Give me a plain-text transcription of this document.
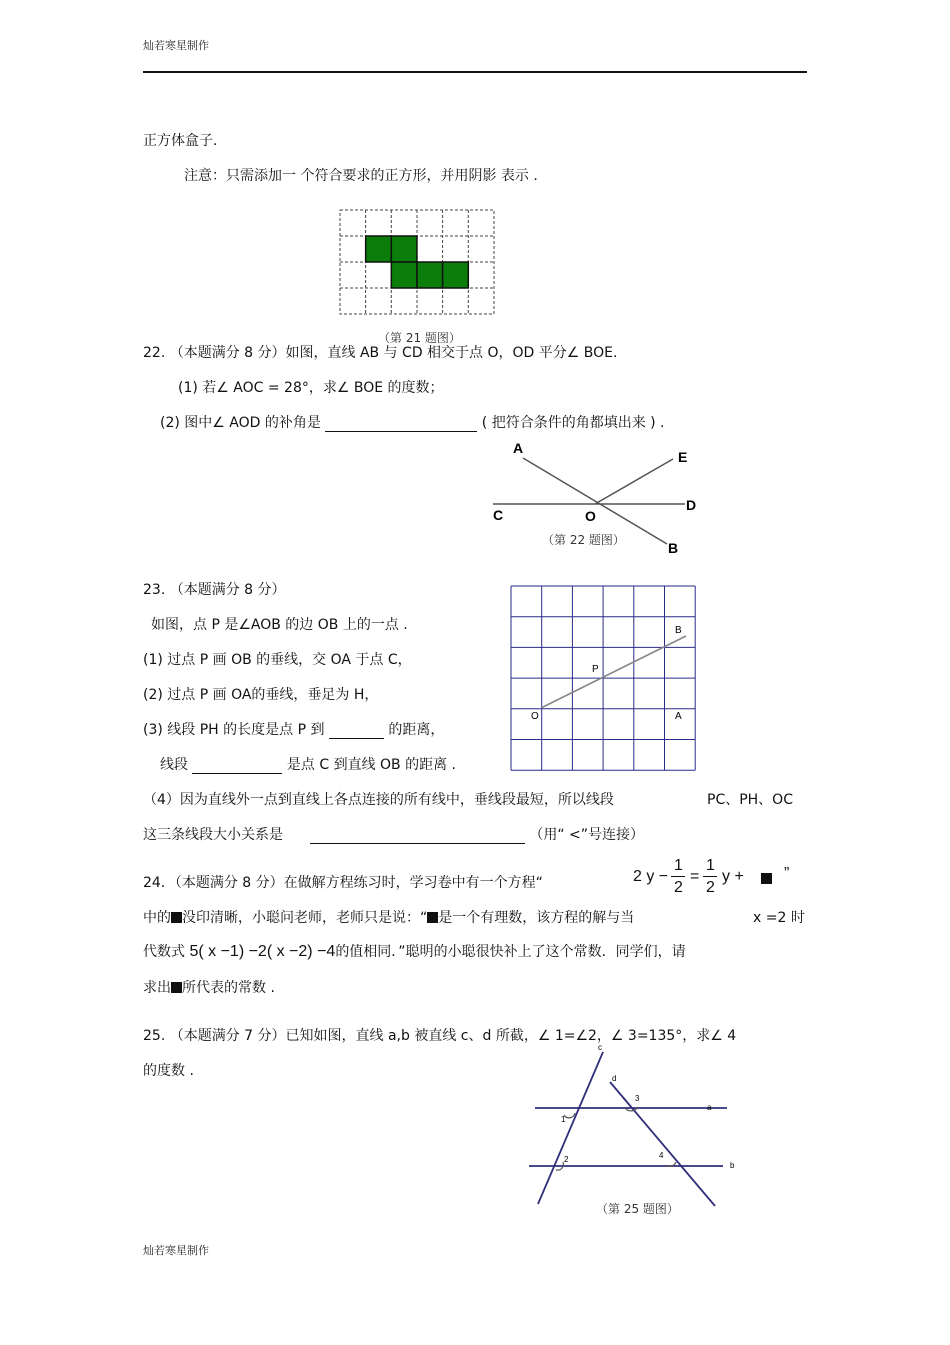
灿若寒星制作
灿若寒星制作
正方体盒子.
注意：只需添加一 个符合要求的正方形，并用阴影 表示 .
（第 21 题图）
22. （本题满分 8 分）如图，直线 AB 与 CD 相交于点 O，OD 平分∠ BOE.
(1) 若∠ AOC = 28°，求∠ BOE 的度数；
(2) 图中∠ AOD 的补角是	( 把符合条件的角都填出来 ) .
A
E
C	O
D
B
（第 22 题图）
23. （本题满分 8 分）
如图，点 P 是∠AOB 的边 OB 上的一点 .
(1) 过点 P 画 OB 的垂线，交 OA 于点 C，
(2) 过点 P 画 OA的垂线，垂足为 H，
(3) 线段 PH 的长度是点 P 到	的距离，
线段	是点 C 到直线 OB 的距离 .
（4）因为直线外一点到直线上各点连接的所有线中，垂线段最短，所以线段	PC、PH、OC
这三条线段大小关系是	（用“ <”号连接）
B
P
O	A
24．（本题满分 8 分）在做解方程练习时，学习卷中有一个方程“	2 y −
1
2
=
1
2
y +	”
中的 没印清晰，小聪问老师，老师只是说：“ 是一个有理数，该方程的解与当	x =2 时
代数式 5( x −1) −2( x −2) −4的值相同．”聪明的小聪很快补上了这个常数．同学们，请
求出 所代表的常数 .
25. （本题满分 7 分）已知如图，直线 a,b 被直线 c、d 所截，∠ 1=∠2，∠ 3=135°，求∠ 4
的度数 .
c
d
a
b
1
2
3
4
（第 25 题图）
